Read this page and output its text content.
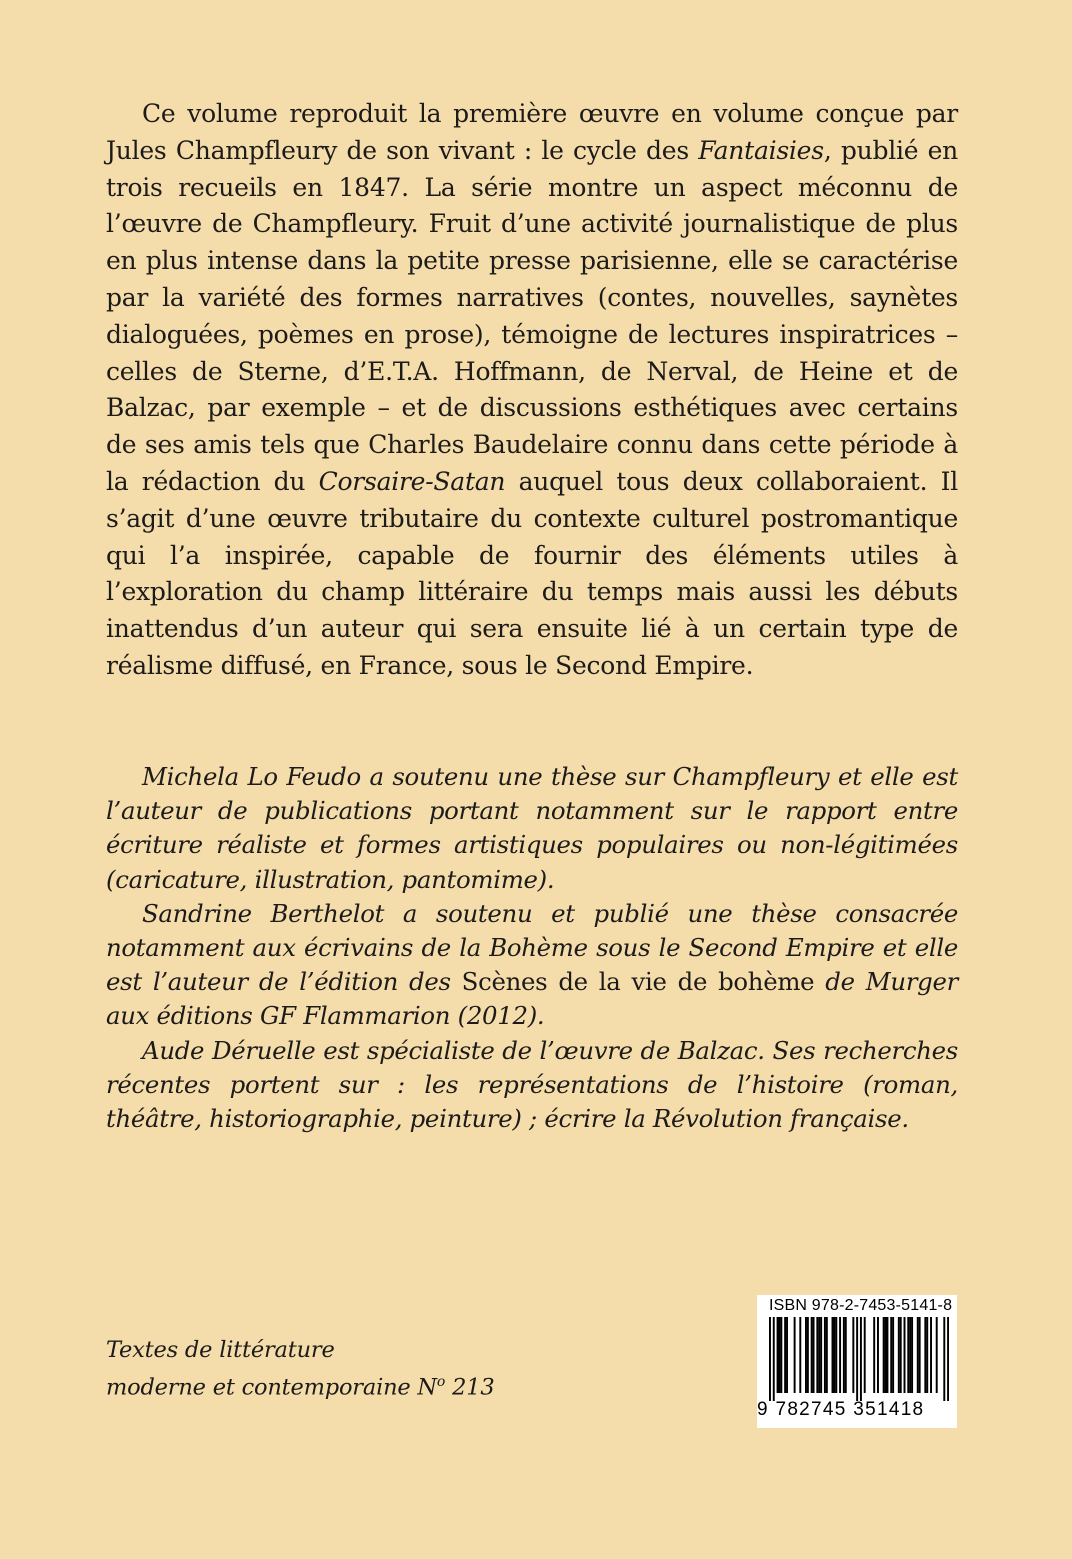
Ce volume reproduit la première œuvre en volume conçue par Jules Champfleury de son vivant : le cycle des Fantaisies, publié en trois recueils en 1847. La série montre un aspect méconnu de l’œuvre de Champfleury. Fruit d’une activité journalistique de plus en plus intense dans la petite presse parisienne, elle se caractérise par la variété des formes narratives (contes, nouvelles, saynètes dialoguées, poèmes en prose), témoigne de lectures inspiratrices – celles de Sterne, d’E.T.A. Hoffmann, de Nerval, de Heine et de Balzac, par exemple – et de discussions esthétiques avec certains de ses amis tels que Charles Baudelaire connu dans cette période à la rédaction du Corsaire-Satan auquel tous deux collaboraient. Il s’agit d’une œuvre tributaire du contexte culturel postromantique qui l’a inspirée, capable de fournir des éléments utiles à l’exploration du champ littéraire du temps mais aussi les débuts inattendus d’un auteur qui sera ensuite lié à un certain type de réalisme diffusé, en France, sous le Second Empire.

Michela Lo Feudo a soutenu une thèse sur Champfleury et elle est l’auteur de publications portant notamment sur le rapport entre écriture réaliste et formes artistiques populaires ou non-légitimées (caricature, illustration, pantomime).

Sandrine Berthelot a soutenu et publié une thèse consacrée notamment aux écrivains de la Bohème sous le Second Empire et elle est l’auteur de l’édition des Scènes de la vie de bohème de Murger aux éditions GF Flammarion (2012).

Aude Déruelle est spécialiste de l’œuvre de Balzac. Ses recherches récentes portent sur : les représentations de l’histoire (roman, théâtre, historiographie, peinture) ; écrire la Révolution française.

Textes de littérature
moderne et contemporaine $N^o$ 213
ISBN 978-2-7453-5141-8
9 782745 351418
